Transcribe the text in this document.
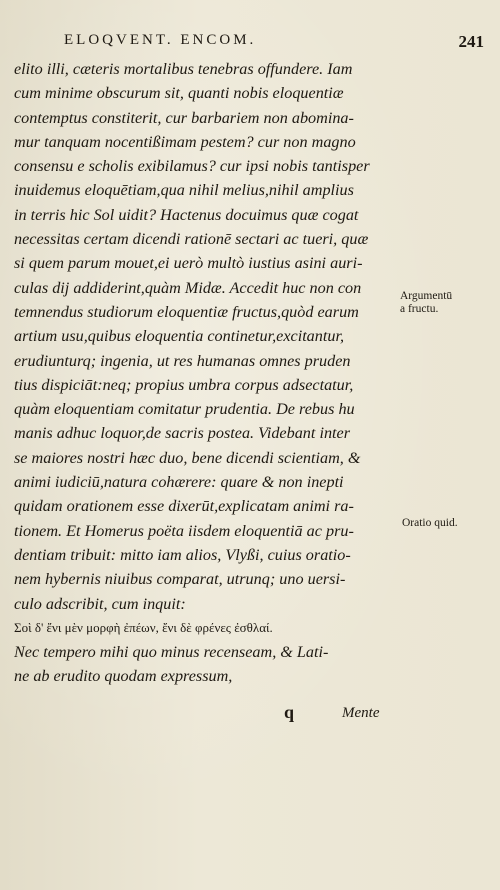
ELOQVENT. ENCOM.	241
elito illi, cæteris mortalibus tenebras offundere. Iam
cum minime obscurum sit, quanti nobis eloquentiæ
contemptus constiterit, cur barbariem non abomina-
mur tanquam nocentißimam pestem? cur non magno
consensu e scholis exibilamus? cur ipsi nobis tantisper
inuidemus eloquētiam,qua nihil melius,nihil amplius
in terris hic Sol uidit? Hactenus docuimus quæ cogat
necessitas certam dicendi rationē sectari ac tueri, quæ
si quem parum mouet,ei uerò multò iustius asini auri-
culas dij addiderint,quàm Midæ. Accedit huc non con
temnendus studiorum eloquentiæ fructus,quòd earum
artium usu,quibus eloquentia continetur,excitantur,
erudiunturq; ingenia, ut res humanas omnes pruden
tius dispiciāt:neq; propius umbra corpus adsectatur,
quàm eloquentiam comitatur prudentia. De rebus hu
manis adhuc loquor,de sacris postea. Videbant inter
se maiores nostri hæc duo, bene dicendi scientiam, &
animi iudiciū,natura cohærere: quare & non inepti
quidam orationem esse dixerūt,explicatam animi ra-
tionem. Et Homerus poëta iisdem eloquentiā ac pru-
dentiam tribuit: mitto iam alios, Vlyßi, cuius oratio-
nem hybernis niuibus comparat, utrunq; uno uersi-
culo adscribit, cum inquit:
Σοὶ δ' ἔνι μὲν μορφὴ ἐπέων, ἔνι δὲ φρένες ἐσθλαί.
Nec tempero mihi quo minus recenseam, & Lati-
ne ab erudito quodam expressum,
Argumentū
a fructu.
Oratio quid.
q	Mente
